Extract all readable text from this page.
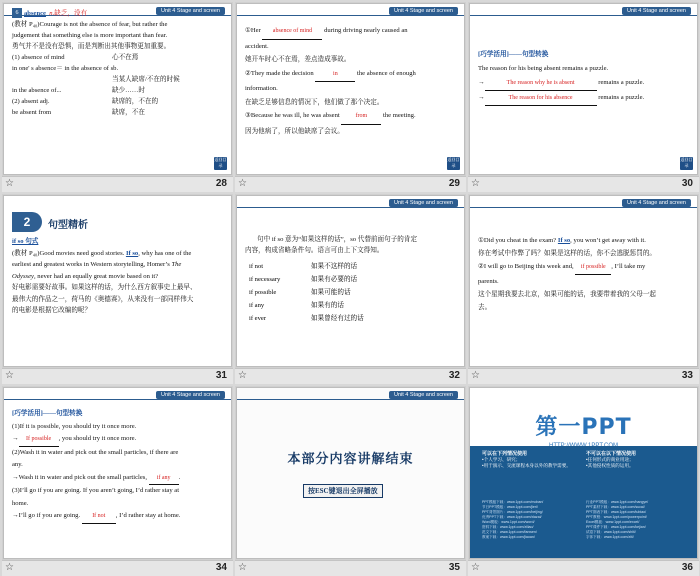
Unit 4 Stage and screen
6 absence n.缺乏，没有
(教材 P₄₀)Courage is not the absence of fear, but rather the
judgement that something else is more important than fear.
勇气并不是没有恐惧，而是判断出其他事物更加重要。
(1) absence of mind	心不在焉
in one' s absence＝ in the absence of sb.
当某人缺席/不在的时候
in the absence of...	缺少……时
(2) absent adj.	缺席的，不在的
be absent from	缺席，不在
返回目录
☆	28
Unit 4 Stage and screen
①Her absence of mind during driving nearly caused an
accident.
她开车时心不在焉，差点造成事故。
②They made the decision	in	the absence of enough
information.
在缺乏足够信息的情况下，他们做了那个决定。
③Because he was ill, he was absent from the meeting.
因为他病了，所以他缺席了会议。
返回目录
☆	29
Unit 4 Stage and screen
[巧学活用]——句型转换
The reason for his being absent remains a puzzle.
→	The reason why he is absent	remains a puzzle.
→	The reason for his absence	remains a puzzle.
返回目录
☆	30
2	句型精析
if so 句式
(教材 P₄₀)Good movies need good stories. If so, why has one of the
earliest and greatest works in Western storytelling, Homer’s The
Odyssey, never had an equally great movie based on it?
好电影需要好故事。如果这样的话，为什么西方叙事史上最早、
最伟大的作品之一，荷马的《奥德赛》，从来没有一部同样伟大
的电影是根据它改编的呢？
☆	31
Unit 4 Stage and screen
句中 if so 意为“如果这样的话”，so 代替前面句子的肯定
内容，构成省略条件句。语言可由上下文得知。
if not	如果不这样的话
if necessary	如果有必要的话
if possible	如果可能的话
if any	如果有的话
if ever	如果曾经有过的话
☆	32
Unit 4 Stage and screen
①Did you cheat in the exam? If so, you won’t get away with it.
你在考试中作弊了吗？如果是这样的话，你不会逃脱惩罚的。
②I will go to Beijing this week and, if possible , I’ll take my
parents.
这个星期我要去北京，如果可能的话，我要带着我的父母一起
去。
☆	33
Unit 4 Stage and screen
[巧学活用]——句型转换
(1)If it is possible, you should try it once more.
→ If possible , you should try it once more.
(2)Wash it in water and pick out the small particles, if there are
any.
→Wash it in water and pick out the small particles, if any .
(3)I’ll go if you are going. If you aren’t going, I’d rather stay at
home.
→I’ll go if you are going. If not , I’d rather stay at home.
☆	34
Unit 4 Stage and screen
本部分内容讲解结束
按ESC键退出全屏播放
☆	35
第一PPT
可以在下列情况使用
•个人学习、研究；
•用于演示、交流课程本身以外的教学需要。
不可以在以下情况使用
•任何形式的商业用途；
•其他侵权性质的运用。
PPT模板下载：www.1ppt.com/moban/
节日PPT模板：www.1ppt.com/jieri/
PPT背景图片：www.1ppt.com/beijing/
优秀PPT下载：www.1ppt.com/xiazai/
Word模板：www.1ppt.com/word/
资料下载：www.1ppt.com/ziliao/
范文下载：www.1ppt.com/fanwen/
教案下载：www.1ppt.com/jiaoan/
行业PPT模板：www.1ppt.com/hangye/
PPT素材下载：www.1ppt.com/sucai/
PPT图表下载：www.1ppt.com/tubiao/
PPT教程：www.1ppt.com/powerpoint/
Excel模板：www.1ppt.com/excel/
PPT课件下载：www.1ppt.com/kejian/
试卷下载：www.1ppt.com/shiti/
字体下载：www.1ppt.com/ziti/
☆	36
